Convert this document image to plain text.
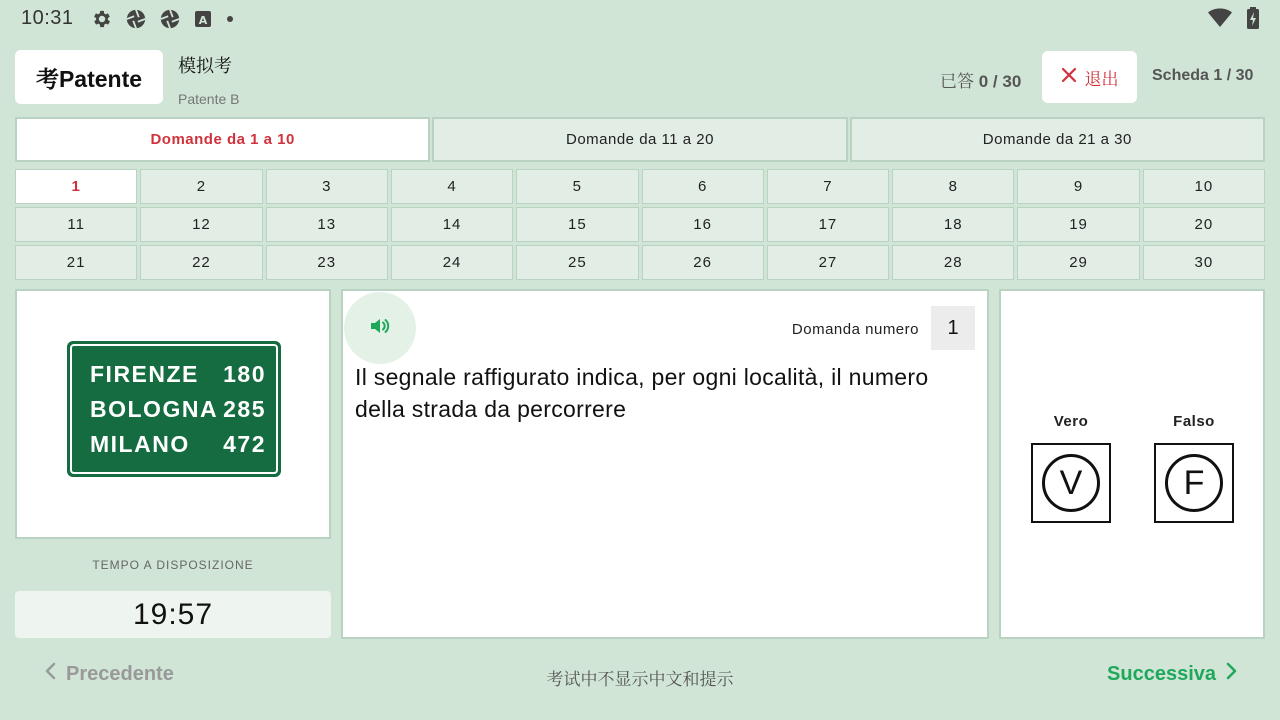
10:31	A
考Patente	模拟考
Patente B
已答 0 / 30	退出 Scheda 1 / 30
Domande da 1 a 10	Domande da 11 a 20	Domande da 21 a 30
1	2	3	4	5	6	7	8	9	10
11	12	13	14	15	16	17	18	19	20
21	22	23	24	25	26	27	28	29	30
FIRENZE 180
BOLOGNA 285
MILANO 472
TEMPO A DISPOSIZIONE
19:57
Domanda numero	1
Il segnale raffigurato indica, per ogni località, il numero della strada da percorrere	Vero
V
Falso
F
Precedente	考试中不显示中文和提示	Successiva
